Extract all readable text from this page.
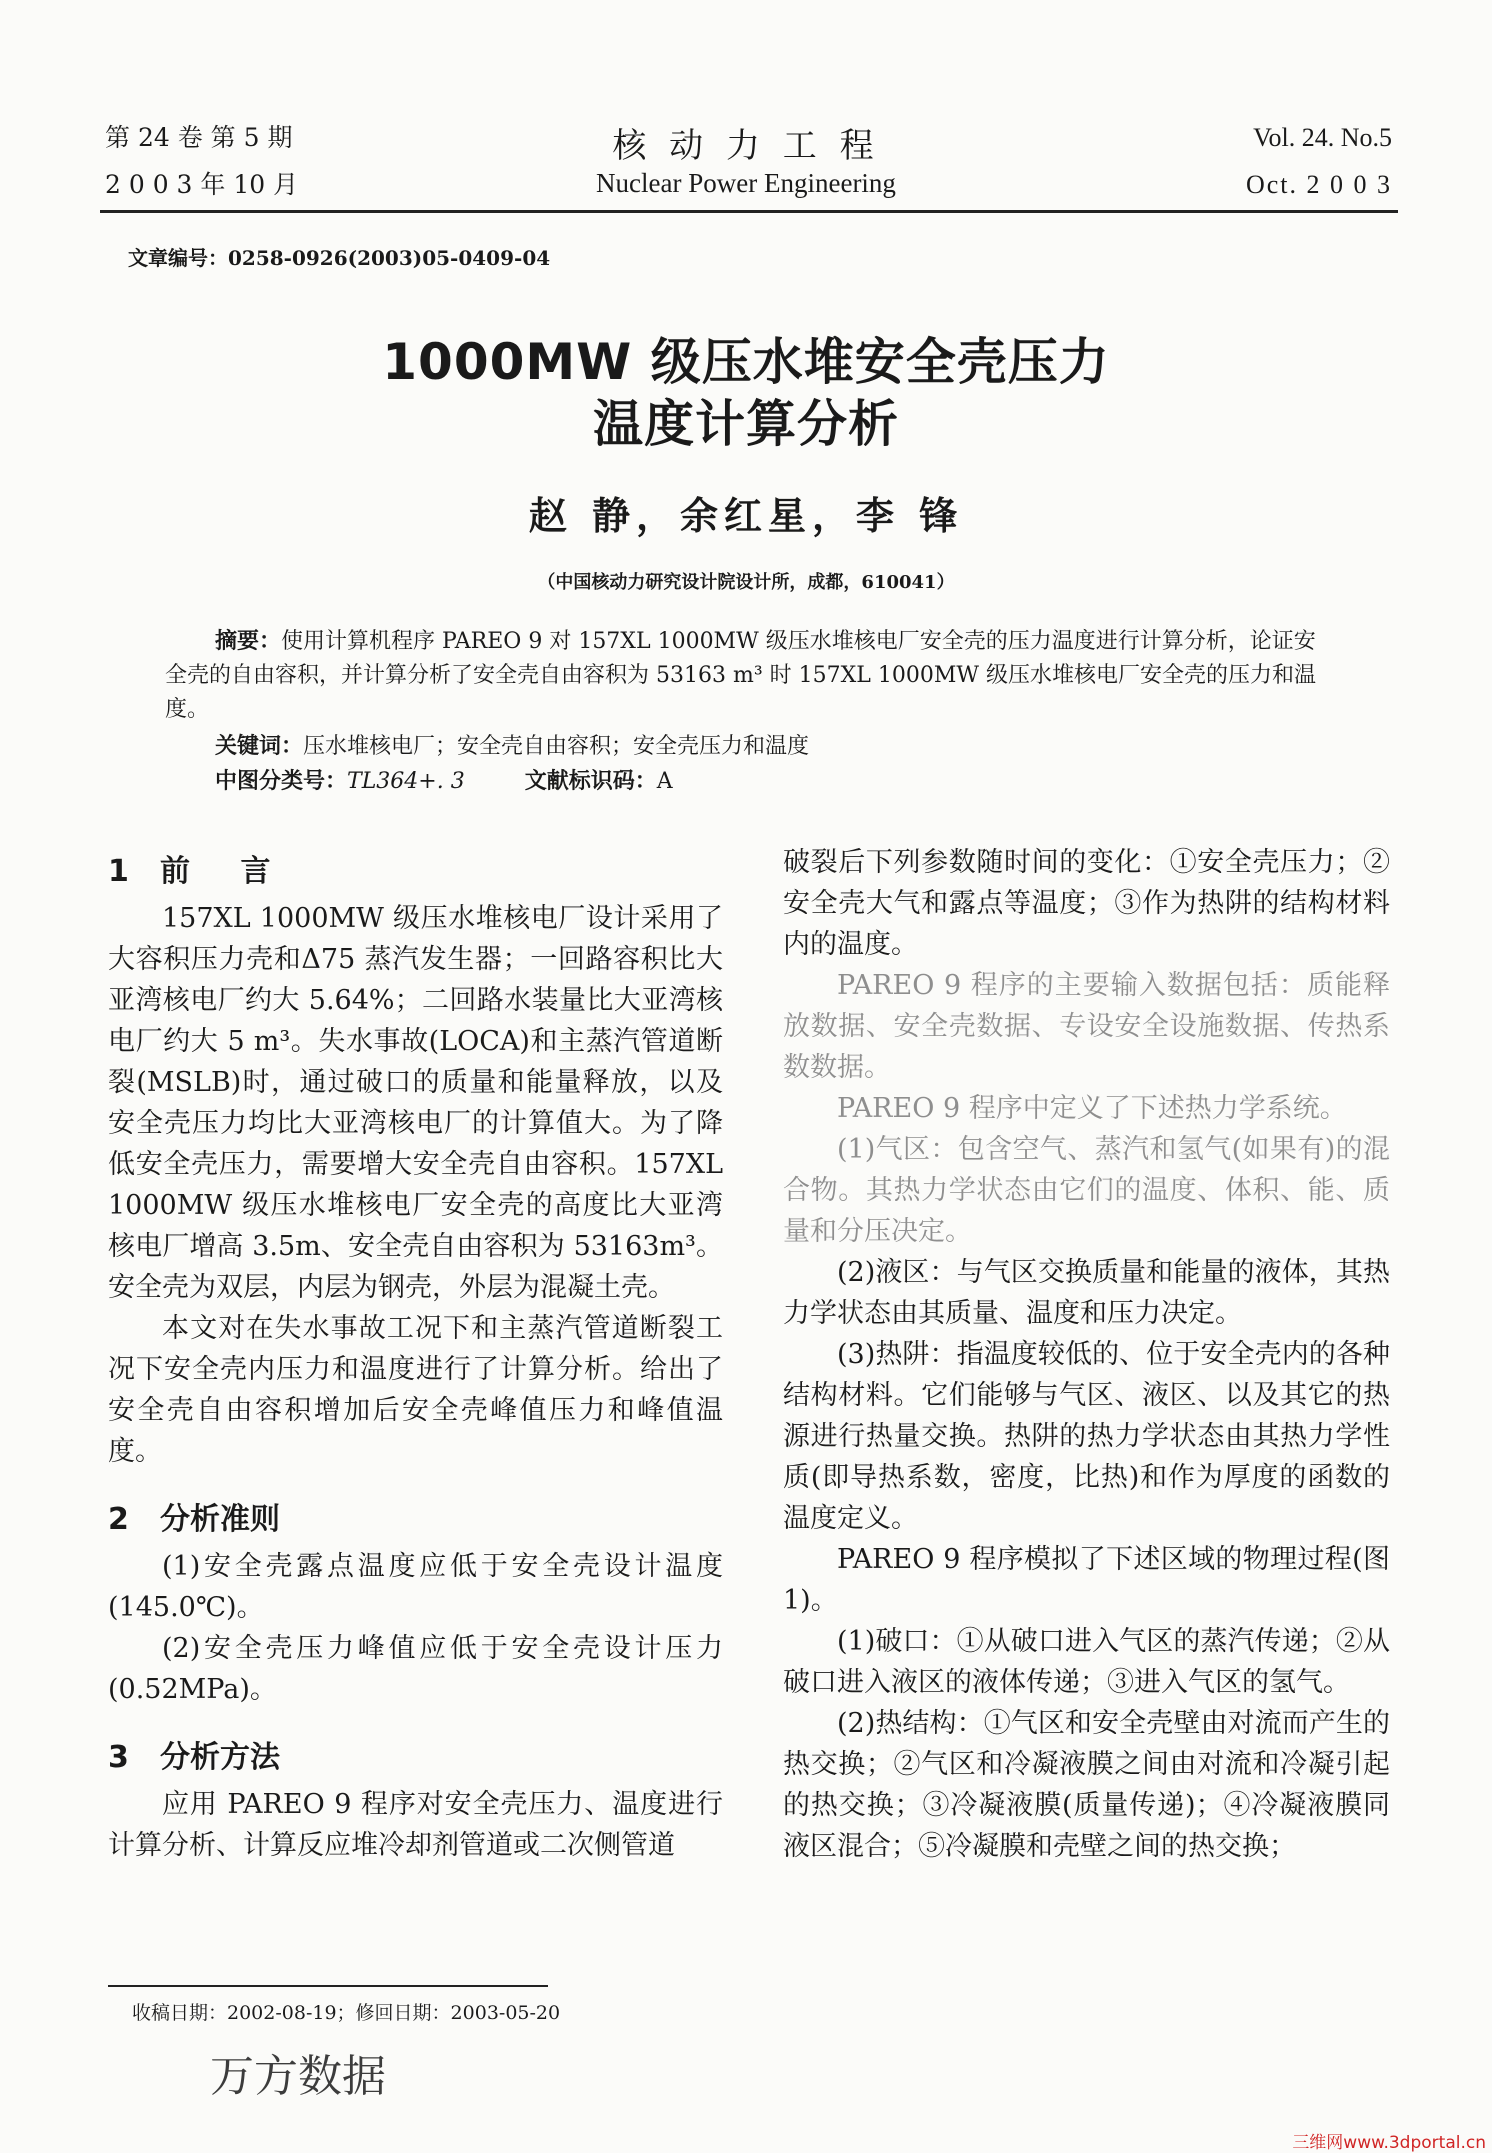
第 24 卷 第 5 期
2 0 0 3 年 10 月
核 动 力 工 程
Nuclear Power Engineering
Vol. 24. No.5
Oct. 2 0 0 3
文章编号：0258-0926(2003)05-0409-04
1000MW 级压水堆安全壳压力
温度计算分析
赵 静，余红星，李 锋
（中国核动力研究设计院设计所，成都，610041）
摘要：使用计算机程序 PAREO 9 对 157XL 1000MW 级压水堆核电厂安全壳的压力温度进行计算分析，论证安全壳的自由容积，并计算分析了安全壳自由容积为 53163 m³ 时 157XL 1000MW 级压水堆核电厂安全壳的压力和温度。
关键词：压水堆核电厂；安全壳自由容积；安全壳压力和温度
中图分类号：TL364+. 3	文献标识码：A
1 前 言

157XL 1000MW 级压水堆核电厂设计采用了大容积压力壳和Δ75 蒸汽发生器；一回路容积比大亚湾核电厂约大 5.64%；二回路水装量比大亚湾核电厂约大 5 m³。失水事故(LOCA)和主蒸汽管道断裂(MSLB)时，通过破口的质量和能量释放，以及安全壳压力均比大亚湾核电厂的计算值大。为了降低安全壳压力，需要增大安全壳自由容积。157XL 1000MW 级压水堆核电厂安全壳的高度比大亚湾核电厂增高 3.5m、安全壳自由容积为 53163m³。安全壳为双层，内层为钢壳，外层为混凝土壳。

本文对在失水事故工况下和主蒸汽管道断裂工况下安全壳内压力和温度进行了计算分析。给出了安全壳自由容积增加后安全壳峰值压力和峰值温度。

2 分析准则

(1)安全壳露点温度应低于安全壳设计温度(145.0℃)。

(2)安全壳压力峰值应低于安全壳设计压力(0.52MPa)。

3 分析方法

应用 PAREO 9 程序对安全壳压力、温度进行计算分析、计算反应堆冷却剂管道或二次侧管道

破裂后下列参数随时间的变化：①安全壳压力；②安全壳大气和露点等温度；③作为热阱的结构材料内的温度。

PAREO 9 程序的主要输入数据包括：质能释放数据、安全壳数据、专设安全设施数据、传热系数数据。

PAREO 9 程序中定义了下述热力学系统。

(1)气区：包含空气、蒸汽和氢气(如果有)的混合物。其热力学状态由它们的温度、体积、能、质量和分压决定。

(2)液区：与气区交换质量和能量的液体，其热力学状态由其质量、温度和压力决定。

(3)热阱：指温度较低的、位于安全壳内的各种结构材料。它们能够与气区、液区、以及其它的热源进行热量交换。热阱的热力学状态由其热力学性质(即导热系数，密度，比热)和作为厚度的函数的温度定义。

PAREO 9 程序模拟了下述区域的物理过程(图 1)。

(1)破口：①从破口进入气区的蒸汽传递；②从破口进入液区的液体传递；③进入气区的氢气。

(2)热结构：①气区和安全壳壁由对流而产生的热交换；②气区和冷凝液膜之间由对流和冷凝引起的热交换；③冷凝液膜(质量传递)；④冷凝液膜同液区混合；⑤冷凝膜和壳壁之间的热交换；

收稿日期：2002-08-19；修回日期：2003-05-20
万方数据
三维网www.3dportal.cn
